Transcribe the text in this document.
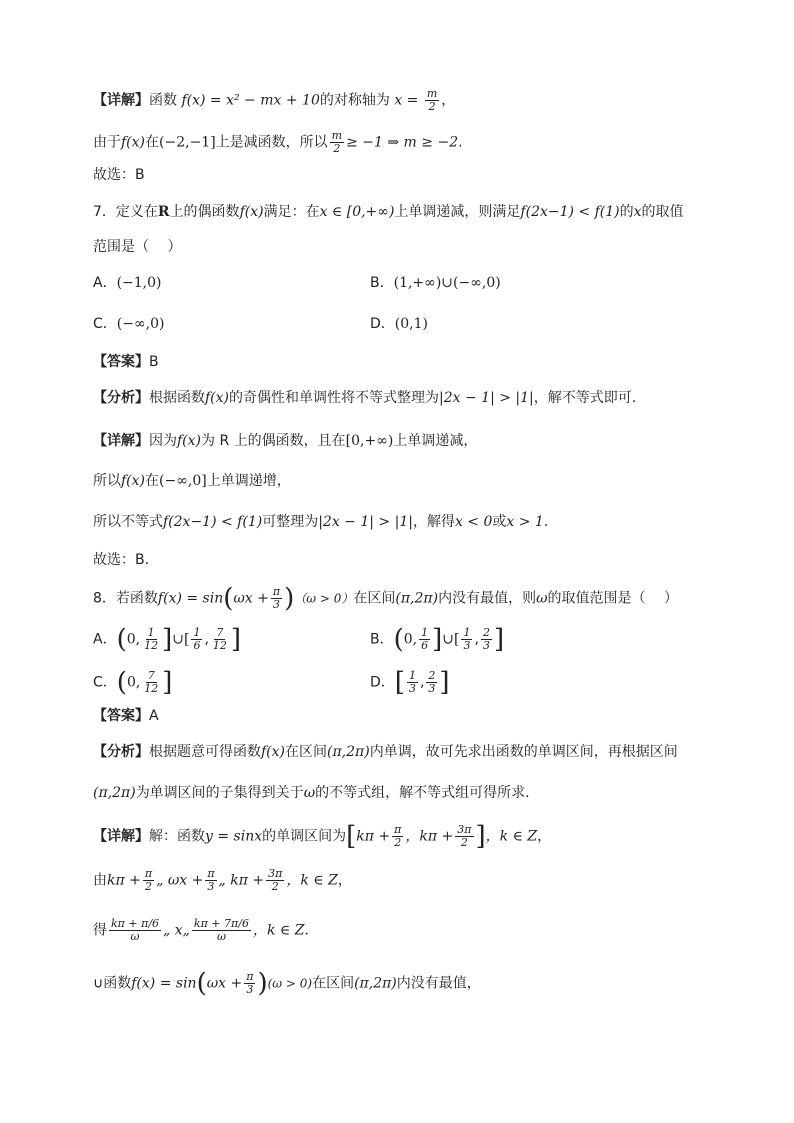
【详解】函数 f(x) = x² − mx + 10的对称轴为 $x = \frac{m}{2}$ ，
由于f(x)在(−2,−1]上是减函数，所以 $\frac{m}{2} \ge -1$ ⇒ m ≥ −2.
故选：B
7．定义在R上的偶函数f(x)满足：在x ∈ [0,+∞)上单调递减，则满足f(2x−1) < f(1)的x的取值
范围是（　 ）
A．(−1,0)	B．(1,+∞)∪(−∞,0)
C．(−∞,0)	D．(0,1)
【答案】B
【分析】根据函数f(x)的奇偶性和单调性将不等式整理为|2x − 1| > |1|，解不等式即可.
【详解】因为f(x)为 R 上的偶函数，且在[0,+∞)上单调递减，
所以f(x)在(−∞,0]上单调递增，
所以不等式f(2x−1) < f(1)可整理为|2x − 1| > |1|，解得x < 0或x > 1.
故选：B.
8．若函数$f(x) = \sin(\omega x + \frac{\pi}{3} )(\omega > 0)$在区间(π,2π)内没有最值，则ω的取值范围是（　 ）
A．(0, $\frac{1}{12}$ ]∪[ $\frac{1}{6}$ , $\frac{7}{12}$ ]	B．(0, $\frac{1}{6}$ ]∪[ $\frac{1}{3}$ , $\frac{2}{3}$ ]
C．(0, $\frac{7}{12}$ ]	D．[ $\frac{1}{3}$ , $\frac{2}{3}$ ]
【答案】A
【分析】根据题意可得函数f(x)在区间(π,2π)内单调，故可先求出函数的单调区间，再根据区间
(π,2π)为单调区间的子集得到关于ω的不等式组，解不等式组可得所求．
【详解】解：函数y = sinx的单调区间为[$k\pi + \frac{\pi}{2}$ ，$k\pi + \frac{3\pi}{2}$ ]，k ∈ Z，
由$k\pi + \frac{\pi}{2}$ „ $\omega x + \frac{\pi}{3}$ „ $k\pi + \frac{3\pi}{2}$ ，k ∈ Z，
得 $\frac{k\pi + \pi/6}{\omega}$ „ x„ $\frac{k\pi + 7\pi/6}{\omega}$ ，k ∈ Z．
∪函数$f(x) = \sin(\omega x + \frac{\pi}{3} )(\omega > 0)$在区间(π,2π)内没有最值，
